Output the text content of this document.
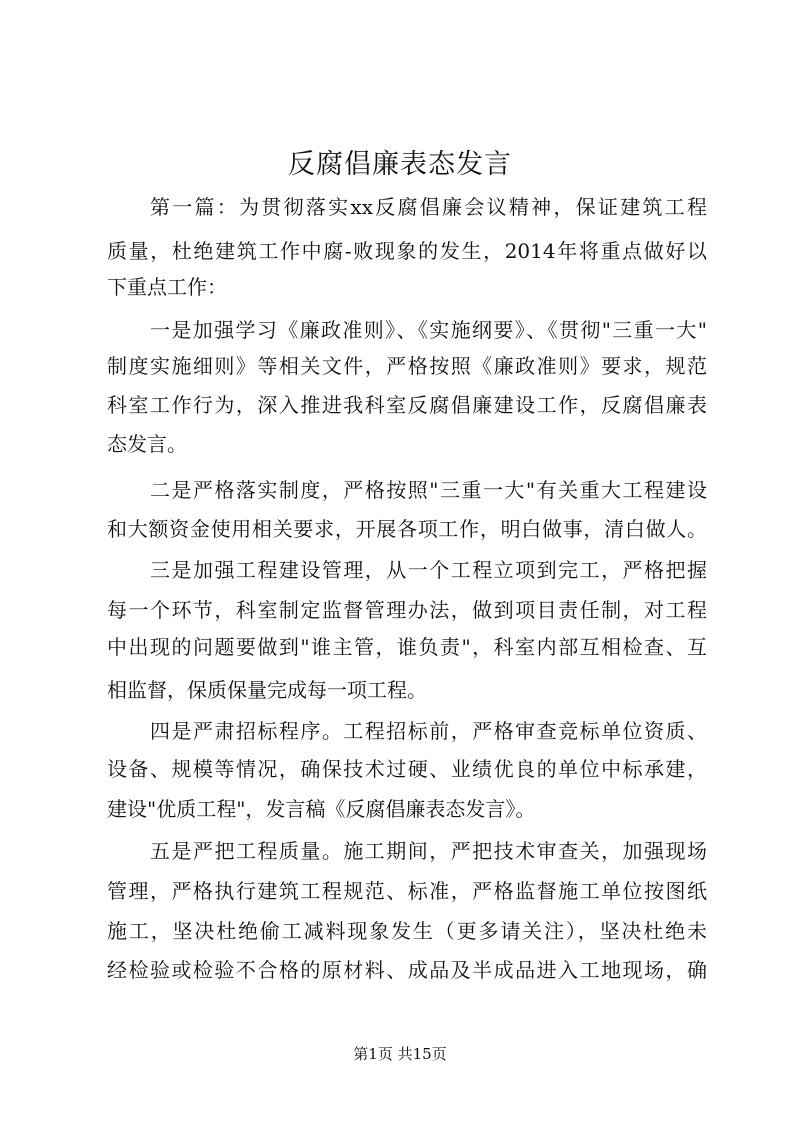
反腐倡廉表态发言
第一篇：为贯彻落实xx反腐倡廉会议精神，保证建筑工程
质量，杜绝建筑工作中腐-败现象的发生，2014年将重点做好以
下重点工作：
一是加强学习《廉政准则》、《实施纲要》、《贯彻"三重一大"
制度实施细则》等相关文件，严格按照《廉政准则》要求，规范
科室工作行为，深入推进我科室反腐倡廉建设工作，反腐倡廉表
态发言。
二是严格落实制度，严格按照"三重一大"有关重大工程建设
和大额资金使用相关要求，开展各项工作，明白做事，清白做人。
三是加强工程建设管理，从一个工程立项到完工，严格把握
每一个环节，科室制定监督管理办法，做到项目责任制，对工程
中出现的问题要做到"谁主管，谁负责"，科室内部互相检查、互
相监督，保质保量完成每一项工程。
四是严肃招标程序。工程招标前，严格审查竞标单位资质、
设备、规模等情况，确保技术过硬、业绩优良的单位中标承建，
建设"优质工程"，发言稿《反腐倡廉表态发言》。
五是严把工程质量。施工期间，严把技术审查关，加强现场
管理，严格执行建筑工程规范、标准，严格监督施工单位按图纸
施工，坚决杜绝偷工减料现象发生（更多请关注），坚决杜绝未
经检验或检验不合格的原材料、成品及半成品进入工地现场，确
第1页 共15页
